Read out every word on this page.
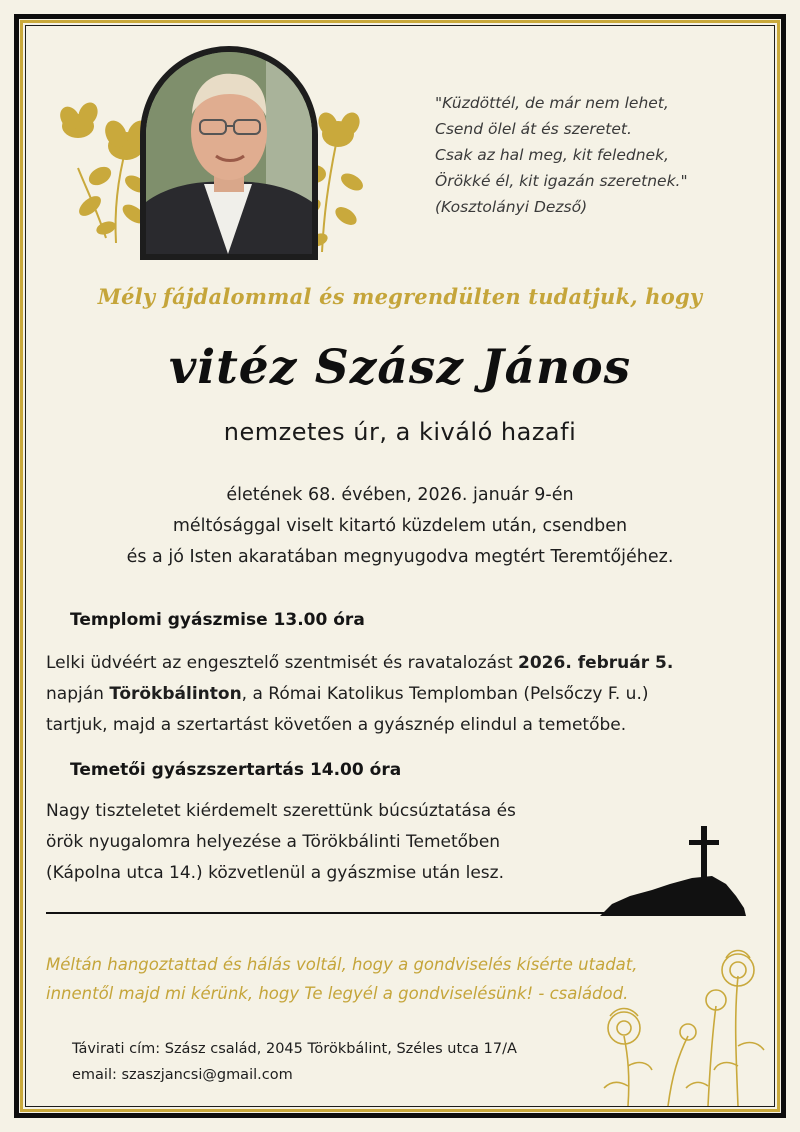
"Küzdöttél, de már nem lehet,
Csend ölel át és szeretet.
Csak az hal meg, kit felednek,
Örökké él, kit igazán szeretnek."
(Kosztolányi Dezső)
Mély fájdalommal és megrendülten tudatjuk, hogy
vitéz Szász János
nemzetes úr, a kiváló hazafi
életének 68. évében, 2026. január 9-én
méltósággal viselt kitartó küzdelem után, csendben
és a jó Isten akaratában megnyugodva megtért Teremtőjéhez.
Templomi gyászmise 13.00 óra
Lelki üdvéért az engesztelő szentmisét és ravatalozást 2026. február 5.
napján Törökbálinton, a Római Katolikus Templomban (Pelsőczy F. u.)
tartjuk, majd a szertartást követően a gyásznép elindul a temetőbe.
Temetői gyászszertartás 14.00 óra
Nagy tiszteletet kiérdemelt szerettünk búcsúztatása és
örök nyugalomra helyezése a Törökbálinti Temetőben
(Kápolna utca 14.) közvetlenül a gyászmise után lesz.
Méltán hangoztattad és hálás voltál, hogy a gondviselés kísérte utadat,
innentől majd mi kérünk, hogy Te legyél a gondviselésünk! - családod.
Távirati cím: Szász család, 2045 Törökbálint, Széles utca 17/A
email: szaszjancsi@gmail.com
